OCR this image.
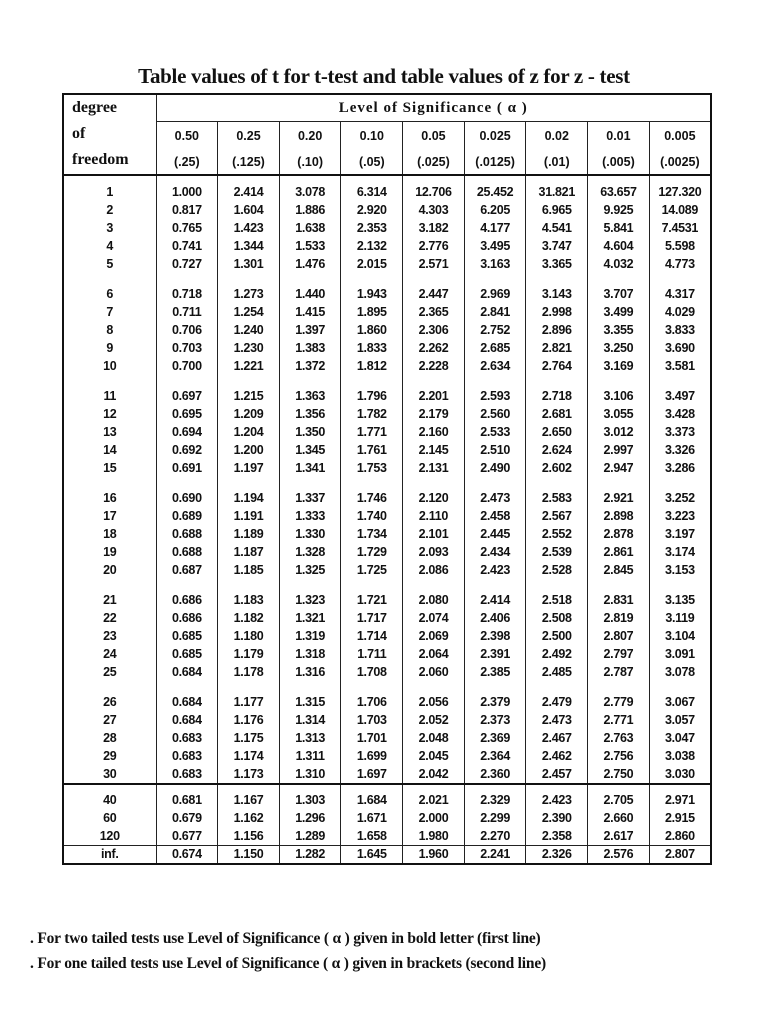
Table values of t for t-test and table values of z for z - test
degree
of
freedom	Level of Significance ( α )								
	0.50	0.25	0.20	0.10	0.05	0.025	0.02	0.01	0.005
	(.25)	(.125)	(.10)	(.05)	(.025)	(.0125)	(.01)	(.005)	(.0025)
1	1.000	2.414	3.078	6.314	12.706	25.452	31.821	63.657	127.320
2	0.817	1.604	1.886	2.920	4.303	6.205	6.965	9.925	14.089
3	0.765	1.423	1.638	2.353	3.182	4.177	4.541	5.841	7.4531
4	0.741	1.344	1.533	2.132	2.776	3.495	3.747	4.604	5.598
5	0.727	1.301	1.476	2.015	2.571	3.163	3.365	4.032	4.773
6	0.718	1.273	1.440	1.943	2.447	2.969	3.143	3.707	4.317
7	0.711	1.254	1.415	1.895	2.365	2.841	2.998	3.499	4.029
8	0.706	1.240	1.397	1.860	2.306	2.752	2.896	3.355	3.833
9	0.703	1.230	1.383	1.833	2.262	2.685	2.821	3.250	3.690
10	0.700	1.221	1.372	1.812	2.228	2.634	2.764	3.169	3.581
11	0.697	1.215	1.363	1.796	2.201	2.593	2.718	3.106	3.497
12	0.695	1.209	1.356	1.782	2.179	2.560	2.681	3.055	3.428
13	0.694	1.204	1.350	1.771	2.160	2.533	2.650	3.012	3.373
14	0.692	1.200	1.345	1.761	2.145	2.510	2.624	2.997	3.326
15	0.691	1.197	1.341	1.753	2.131	2.490	2.602	2.947	3.286
16	0.690	1.194	1.337	1.746	2.120	2.473	2.583	2.921	3.252
17	0.689	1.191	1.333	1.740	2.110	2.458	2.567	2.898	3.223
18	0.688	1.189	1.330	1.734	2.101	2.445	2.552	2.878	3.197
19	0.688	1.187	1.328	1.729	2.093	2.434	2.539	2.861	3.174
20	0.687	1.185	1.325	1.725	2.086	2.423	2.528	2.845	3.153
21	0.686	1.183	1.323	1.721	2.080	2.414	2.518	2.831	3.135
22	0.686	1.182	1.321	1.717	2.074	2.406	2.508	2.819	3.119
23	0.685	1.180	1.319	1.714	2.069	2.398	2.500	2.807	3.104
24	0.685	1.179	1.318	1.711	2.064	2.391	2.492	2.797	3.091
25	0.684	1.178	1.316	1.708	2.060	2.385	2.485	2.787	3.078
26	0.684	1.177	1.315	1.706	2.056	2.379	2.479	2.779	3.067
27	0.684	1.176	1.314	1.703	2.052	2.373	2.473	2.771	3.057
28	0.683	1.175	1.313	1.701	2.048	2.369	2.467	2.763	3.047
29	0.683	1.174	1.311	1.699	2.045	2.364	2.462	2.756	3.038
30	0.683	1.173	1.310	1.697	2.042	2.360	2.457	2.750	3.030
40	0.681	1.167	1.303	1.684	2.021	2.329	2.423	2.705	2.971
60	0.679	1.162	1.296	1.671	2.000	2.299	2.390	2.660	2.915
120	0.677	1.156	1.289	1.658	1.980	2.270	2.358	2.617	2.860
inf.	0.674	1.150	1.282	1.645	1.960	2.241	2.326	2.576	2.807
. For two tailed tests use Level of Significance ( α ) given in bold letter (first line)
. For one tailed tests use Level of Significance ( α ) given in brackets (second line)
